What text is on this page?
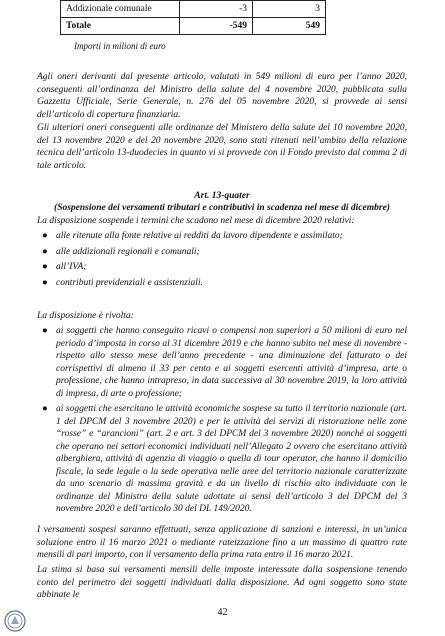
Addizionale comunale	-3	3
Totale	-549	549
Importi in milioni di euro

Agli oneri derivanti dal presente articolo, valutati in 549 milioni di euro per l’anno 2020, conseguenti all’ordinanza del Ministro della salute del 4 novembre 2020, pubblicata sulla Gazzetta Ufficiale, Serie Generale, n. 276 del 05 novembre 2020, si provvede ai sensi dell’articolo di copertura finanziaria.

Gli ulteriori oneri conseguenti alle ordinanze del Ministero della salute del 10 novembre 2020, del 13 novembre 2020 e del 20 novembre 2020, sono stati ritenuti nell’ambito della relazione tecnica dell’articolo 13-duodecies in quanto vi si provvede con il Fondo previsto dal comma 2 di tale articolo.

Art. 13-quater
(Sospensione dei versamenti tributari e contributivi in scadenza nel mese di dicembre)

La disposizione sospende i termini che scadono nel mese di dicembre 2020 relativi:

● alle ritenute alla fonte relative ai redditi da lavoro dipendente e assimilato;
● alle addizionali regionali e comunali;
● all’IVA;
● contributi previdenziali e assistenziali.

La disposizione è rivolta:

● ai soggetti che hanno conseguito ricavi o compensi non superiori a 50 milioni di euro nel periodo d’imposta in corso al 31 dicembre 2019 e che hanno subito nel mese di novembre - rispetto allo stesso mese dell’anno precedente - una diminuzione del fatturato o dei corrispettivi di almeno il 33 per cento e ai soggetti esercenti attività d’impresa, arte o professione, che hanno intrapreso, in data successiva al 30 novembre 2019, la loro attività di impresa, di arte o professione;
● ai soggetti che esercitano le attività economiche sospese su tutto il territorio nazionale (art. 1 del DPCM del 3 novembre 2020) e per le attività dei servizi di ristorazione nelle zone “rosse” e “arancioni” (art. 2 e art. 3 del DPCM del 3 novembre 2020) nonché ai soggetti che operano nei settori economici individuati nell’Allegato 2 ovvero che esercitano attività alberghiera, attività di agenzia di viaggio o quella di tour operator, che hanno il domicilio fiscale, la sede legale o la sede operativa nelle aree del territorio nazionale caratterizzate da uno scenario di massima gravità e da un livello di rischio alto individuate con le ordinanze del Ministro della salute adottate ai sensi dell’articolo 3 del DPCM del 3 novembre 2020 e dell’articolo 30 del DL 149/2020.

I versamenti sospesi saranno effettuati, senza applicazione di sanzioni e interessi, in un’unica soluzione entro il 16 marzo 2021 o mediante rateizzazione fino a un massimo di quattro rate mensili di pari importo, con il versamento della prima rata entro il 16 marzo 2021.

La stima si basa sui versamenti mensili delle imposte interessate dalla sospensione tenendo conto del perimetro dei soggetti individuati dalla disposizione. Ad ogni soggetto sono state abbinate le

42
